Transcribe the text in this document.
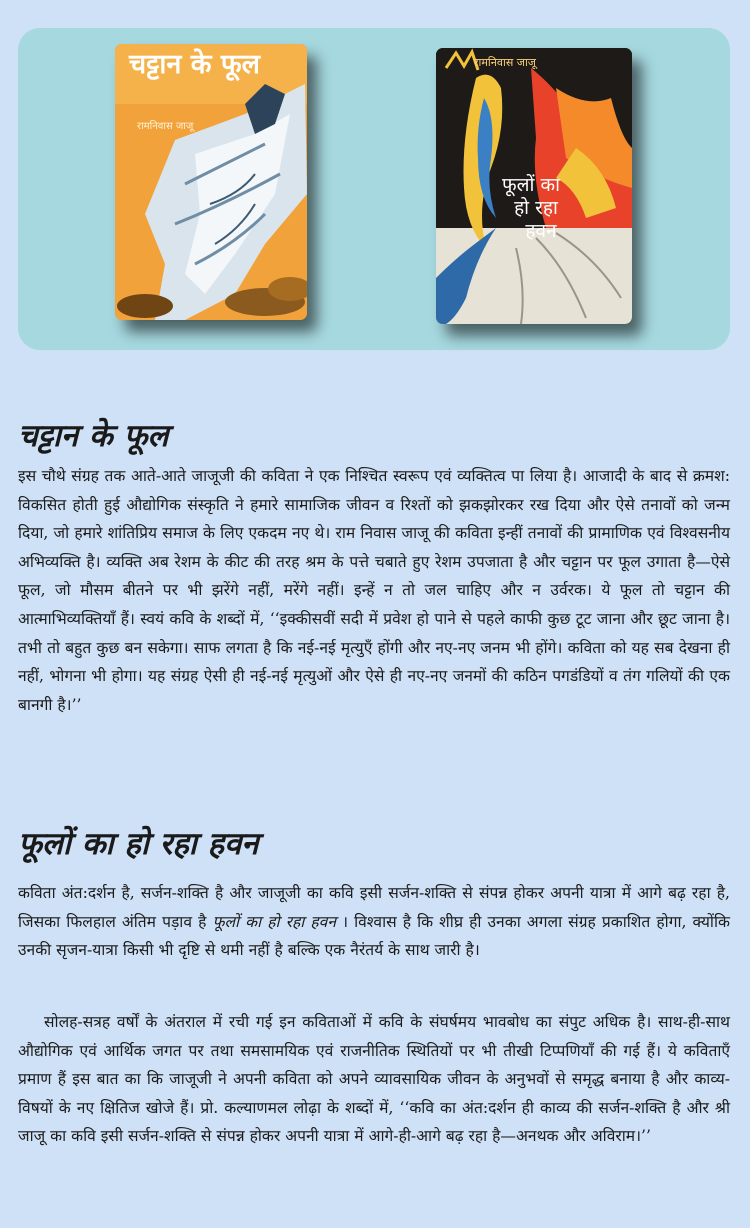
चट्टान के फूल
रामनिवास जाजू
रामनिवास जाजू
फूलों का
हो रहा
हवन
चट्टान के फूल

इस चौथे संग्रह तक आते-आते जाजूजी की कविता ने एक निश्चित स्वरूप एवं व्यक्तित्व पा लिया है। आजादी के बाद से क्रमश: विकसित होती हुई औद्योगिक संस्कृति ने हमारे सामाजिक जीवन व रिश्तों को झकझोरकर रख दिया और ऐसे तनावों को जन्म दिया, जो हमारे शांतिप्रिय समाज के लिए एकदम नए थे। राम निवास जाजू की कविता इन्हीं तनावों की प्रामाणिक एवं विश्वसनीय अभिव्यक्ति है। व्यक्ति अब रेशम के कीट की तरह श्रम के पत्ते चबाते हुए रेशम उपजाता है और चट्टान पर फूल उगाता है—ऐसे फूल, जो मौसम बीतने पर भी झरेंगे नहीं, मरेंगे नहीं। इन्हें न तो जल चाहिए और न उर्वरक। ये फूल तो चट्टान की आत्माभिव्यक्तियाँ हैं। स्वयं कवि के शब्दों में, ‘‘इक्कीसवीं सदी में प्रवेश हो पाने से पहले काफी कुछ टूट जाना और छूट जाना है। तभी तो बहुत कुछ बन सकेगा। साफ लगता है कि नई-नई मृत्युएँ होंगी और नए-नए जनम भी होंगे। कविता को यह सब देखना ही नहीं, भोगना भी होगा। यह संग्रह ऐसी ही नई-नई मृत्युओं और ऐसे ही नए-नए जनमों की कठिन पगडंडियों व तंग गलियों की एक बानगी है।’’

फूलों का हो रहा हवन

कविता अंत:दर्शन है, सर्जन-शक्ति है और जाजूजी का कवि इसी सर्जन-शक्ति से संपन्न होकर अपनी यात्रा में आगे बढ़ रहा है, जिसका फिलहाल अंतिम पड़ाव है फूलों का हो रहा हवन । विश्वास है कि शीघ्र ही उनका अगला संग्रह प्रकाशित होगा, क्योंकि उनकी सृजन-यात्रा किसी भी दृष्टि से थमी नहीं है बल्कि एक नैरंतर्य के साथ जारी है।

सोलह-सत्रह वर्षों के अंतराल में रची गई इन कविताओं में कवि के संघर्षमय भावबोध का संपुट अधिक है। साथ-ही-साथ औद्योगिक एवं आर्थिक जगत पर तथा समसामयिक एवं राजनीतिक स्थितियों पर भी तीखी टिप्पणियाँ की गई हैं। ये कविताएँ प्रमाण हैं इस बात का कि जाजूजी ने अपनी कविता को अपने व्यावसायिक जीवन के अनुभवों से समृद्ध बनाया है और काव्य-विषयों के नए क्षितिज खोजे हैं। प्रो. कल्याणमल लोढ़ा के शब्दों में, ‘‘कवि का अंत:दर्शन ही काव्य की सर्जन-शक्ति है और श्री जाजू का कवि इसी सर्जन-शक्ति से संपन्न होकर अपनी यात्रा में आगे-ही-आगे बढ़ रहा है—अनथक और अविराम।’’
